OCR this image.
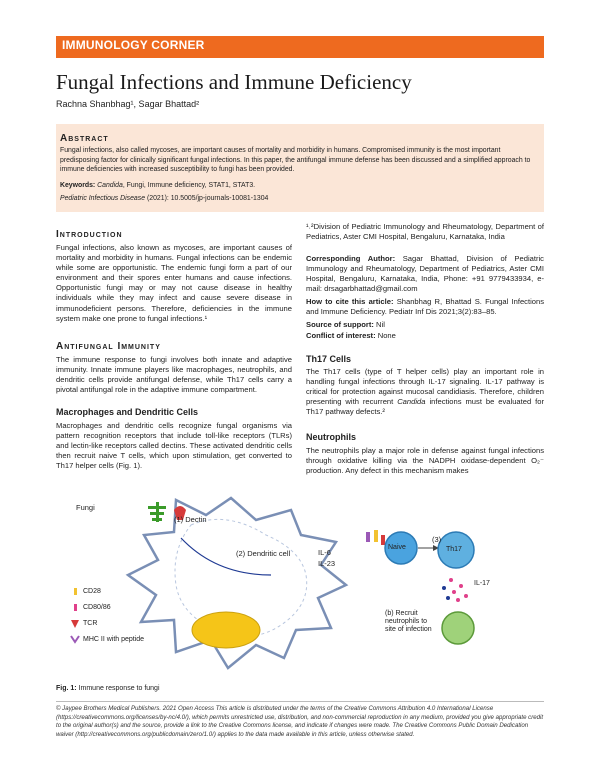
IMMUNOLOGY CORNER
Fungal Infections and Immune Deficiency
Rachna Shanbhag¹, Sagar Bhattad²
Abstract
Fungal infections, also called mycoses, are important causes of mortality and morbidity in humans. Compromised immunity is the most important predisposing factor for clinically significant fungal infections. In this paper, the antifungal immune defense has been discussed and a simplified approach to immune deficiencies with increased susceptibility to fungi has been provided.
Keywords: Candida, Fungi, Immune deficiency, STAT1, STAT3.
Pediatric Infectious Disease (2021): 10.5005/jp-journals-10081-1304
Introduction
Fungal infections, also known as mycoses, are important causes of mortality and morbidity in humans. Fungal infections can be endemic while some are opportunistic. The endemic fungi form a part of our environment and their spores enter humans and cause infections. Opportunistic fungi may or may not cause disease in healthy individuals while they may infect and cause severe disease in immunodeficient persons. Therefore, deficiencies in the immune system make one prone to fungal infections.¹
Antifungal Immunity
The immune response to fungi involves both innate and adaptive immunity. Innate immune players like macrophages, neutrophils, and dendritic cells provide antifungal defense, while Th17 cells carry a pivotal antifungal role in the adaptive immune compartment.
Macrophages and Dendritic Cells
Macrophages and dendritic cells recognize fungal organisms via pattern recognition receptors that include toll-like receptors (TLRs) and lectin-like receptors called dectins. These activated dendritic cells then recruit naive T cells, which upon stimulation, get converted to Th17 helper cells (Fig. 1).
¹˒²Division of Pediatric Immunology and Rheumatology, Department of Pediatrics, Aster CMI Hospital, Bengaluru, Karnataka, India
Corresponding Author: Sagar Bhattad, Division of Pediatric Immunology and Rheumatology, Department of Pediatrics, Aster CMI Hospital, Bengaluru, Karnataka, India, Phone: +91 9779433934, e-mail: drsagarbhattad@gmail.com
How to cite this article: Shanbhag R, Bhattad S. Fungal Infections and Immune Deficiency. Pediatr Inf Dis 2021;3(2):83–85.
Source of support: Nil
Conflict of interest: None
Th17 Cells
The Th17 cells (type of T helper cells) play an important role in handling fungal infections through IL-17 signaling. IL-17 pathway is critical for protection against mucosal candidiasis. Therefore, children presenting with recurrent Candida infections must be evaluated for Th17 pathway defects.²
Neutrophils
The neutrophils play a major role in defense against fungal infections through oxidative killing via the NADPH oxidase-dependent O₂⁻ production. Any defect in this mechanism makes
Fungi
(1) Dectin
(2) Dendritic cell	IL-6
IL-23
Naive
(3)
Th17
IL-17
(b) Recruit
neutrophils to
site of infection
CD28
CD80/86
TCR
MHC II with peptide
Fig. 1: Immune response to fungi
© Jaypee Brothers Medical Publishers. 2021 Open Access This article is distributed under the terms of the Creative Commons Attribution 4.0 International License (https://creativecommons.org/licenses/by-nc/4.0/), which permits unrestricted use, distribution, and non-commercial reproduction in any medium, provided you give appropriate credit to the original author(s) and the source, provide a link to the Creative Commons license, and indicate if changes were made. The Creative Commons Public Domain Dedication waiver (http://creativecommons.org/publicdomain/zero/1.0/) applies to the data made available in this article, unless otherwise stated.
